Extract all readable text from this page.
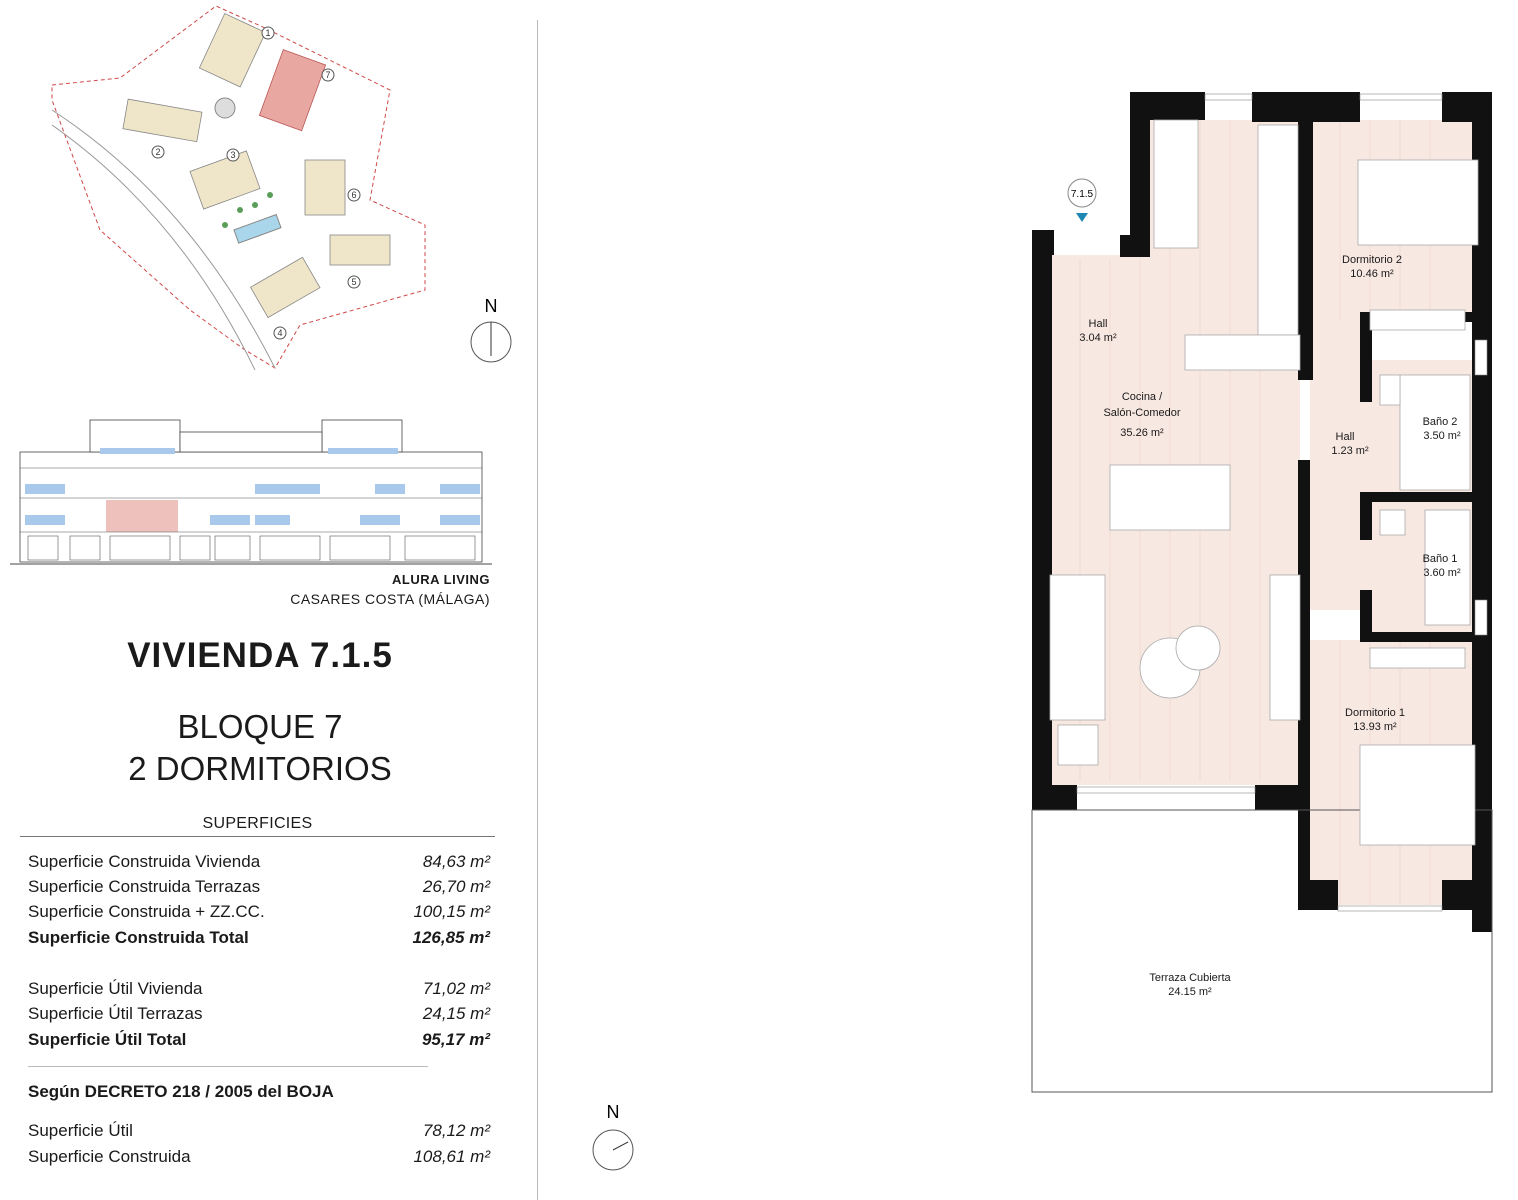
1
2	3
4
5
6
7
N
ALURA LIVING
CASARES COSTA (MÁLAGA)
VIVIENDA 7.1.5
BLOQUE 7
2 DORMITORIOS
SUPERFICIES
Superficie Construida Vivienda	84,63 m²
Superficie Construida Terrazas	26,70 m²
Superficie Construida + ZZ.CC.	100,15 m²
Superficie Construida Total	126,85 m²
Superficie Útil Vivienda	71,02 m²
Superficie Útil Terrazas	24,15 m²
Superficie Útil Total	95,17 m²
Según DECRETO 218 / 2005 del BOJA
Superficie Útil	78,12 m²
Superficie Construida	108,61 m²
N
7.1.5
Hall
3.04 m²
Cocina /
Salón-Comedor
35.26 m²
Dormitorio 2
10.46 m²
Hall
1.23 m²
Baño 2
3.50 m²
Baño 1
3.60 m²
Dormitorio 1
13.93 m²
Terraza Cubierta
24.15 m²
